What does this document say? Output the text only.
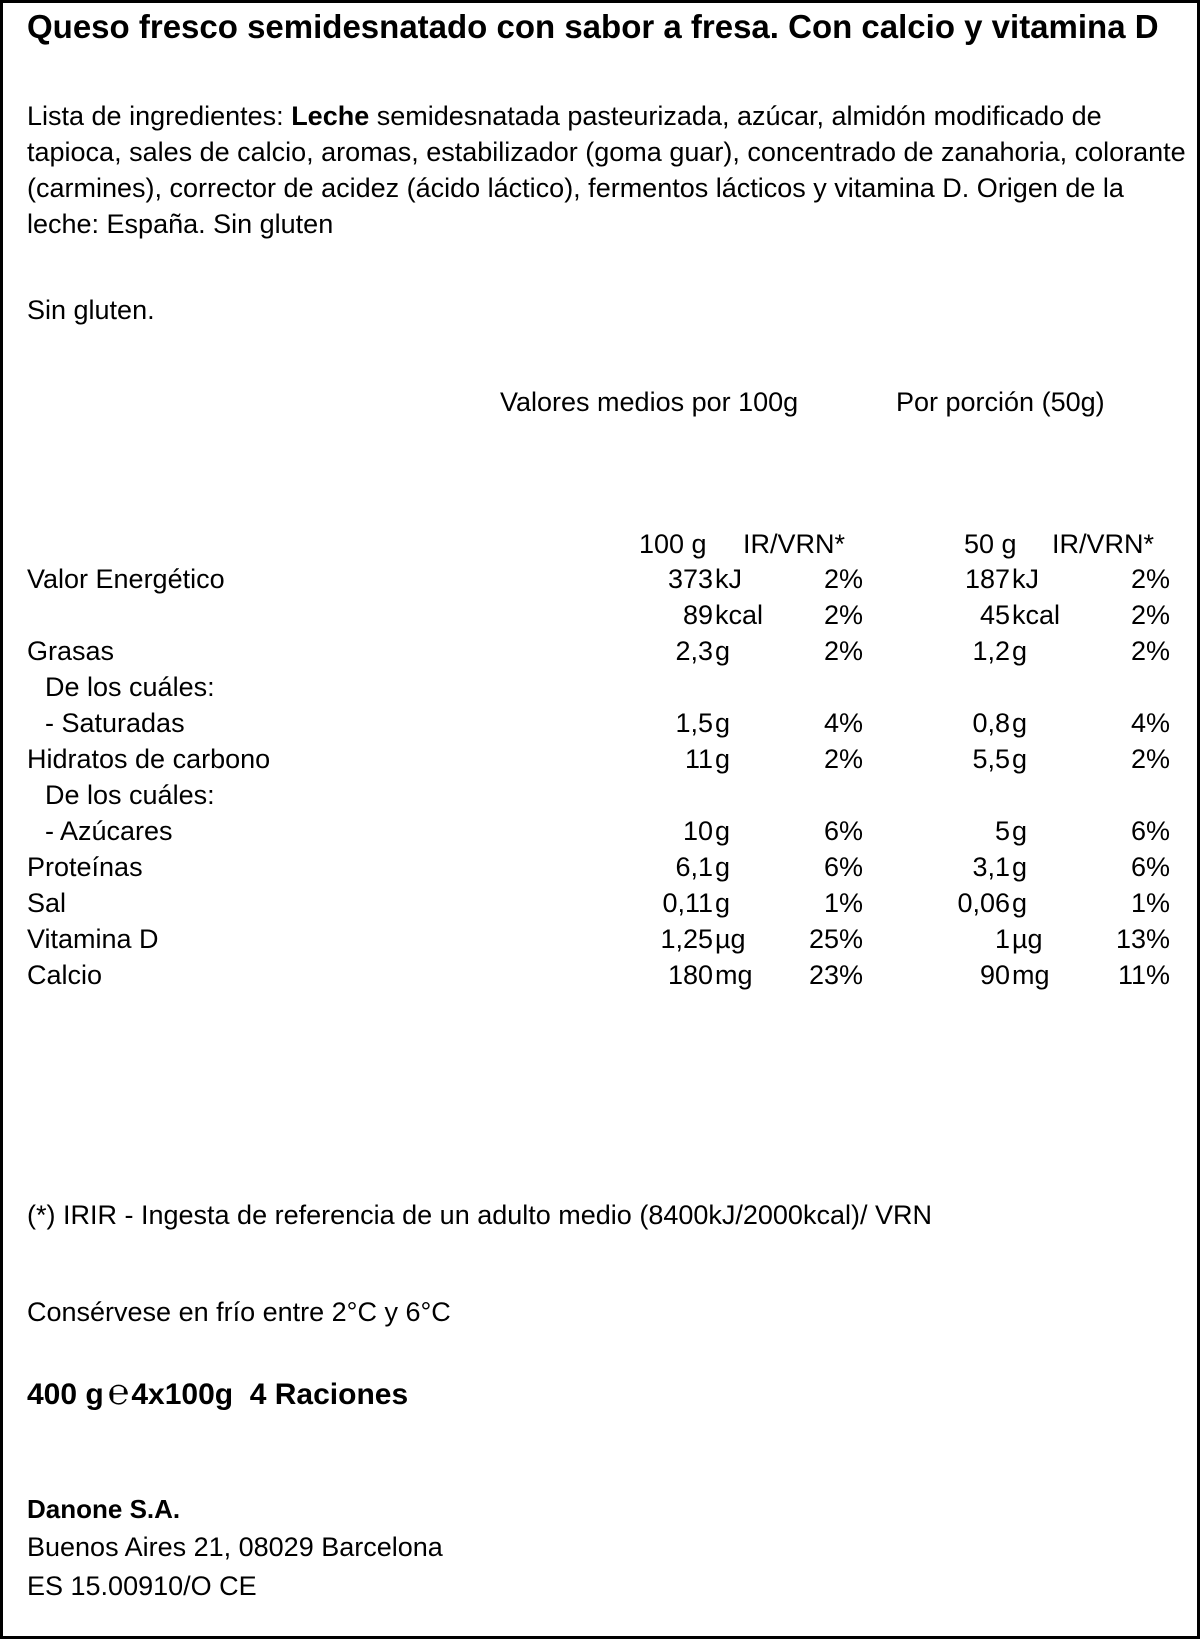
Queso fresco semidesnatado con sabor a fresa. Con calcio y vitamina D
Lista de ingredientes: Leche semidesnatada pasteurizada, azúcar, almidón modificado de tapioca, sales de calcio, aromas, estabilizador (goma guar), concentrado de zanahoria, colorante (carmines), corrector de acidez (ácido láctico), fermentos lácticos y vitamina D. Origen de la leche: España. Sin gluten
Sin gluten.
Valores medios por 100g	Por porción (50g)
100 g IR/VRN*	50 g IR/VRN*
Valor Energético	373 kJ	2%	187 kJ	2%
89 kcal	2%	45 kcal	2%
Grasas	2,3 g	2%	1,2 g	2%
De los cuáles:
- Saturadas	1,5 g	4%	0,8 g	4%
Hidratos de carbono	11 g	2%	5,5 g	2%
De los cuáles:
- Azúcares	10 g	6%	5 g	6%
Proteínas	6,1 g	6%	3,1 g	6%
Sal	0,11 g	1%	0,06 g	1%
Vitamina D	1,25 µg	25%	1 µg	13%
Calcio	180 mg	23%	90 mg	11%
(*) IRIR - Ingesta de referencia de un adulto medio (8400kJ/2000kcal)/ VRN
Consérvese en frío entre 2°C y 6°C
400 g ℮4x100g 4 Raciones
Danone S.A.
Buenos Aires 21, 08029 Barcelona
ES 15.00910/O CE
